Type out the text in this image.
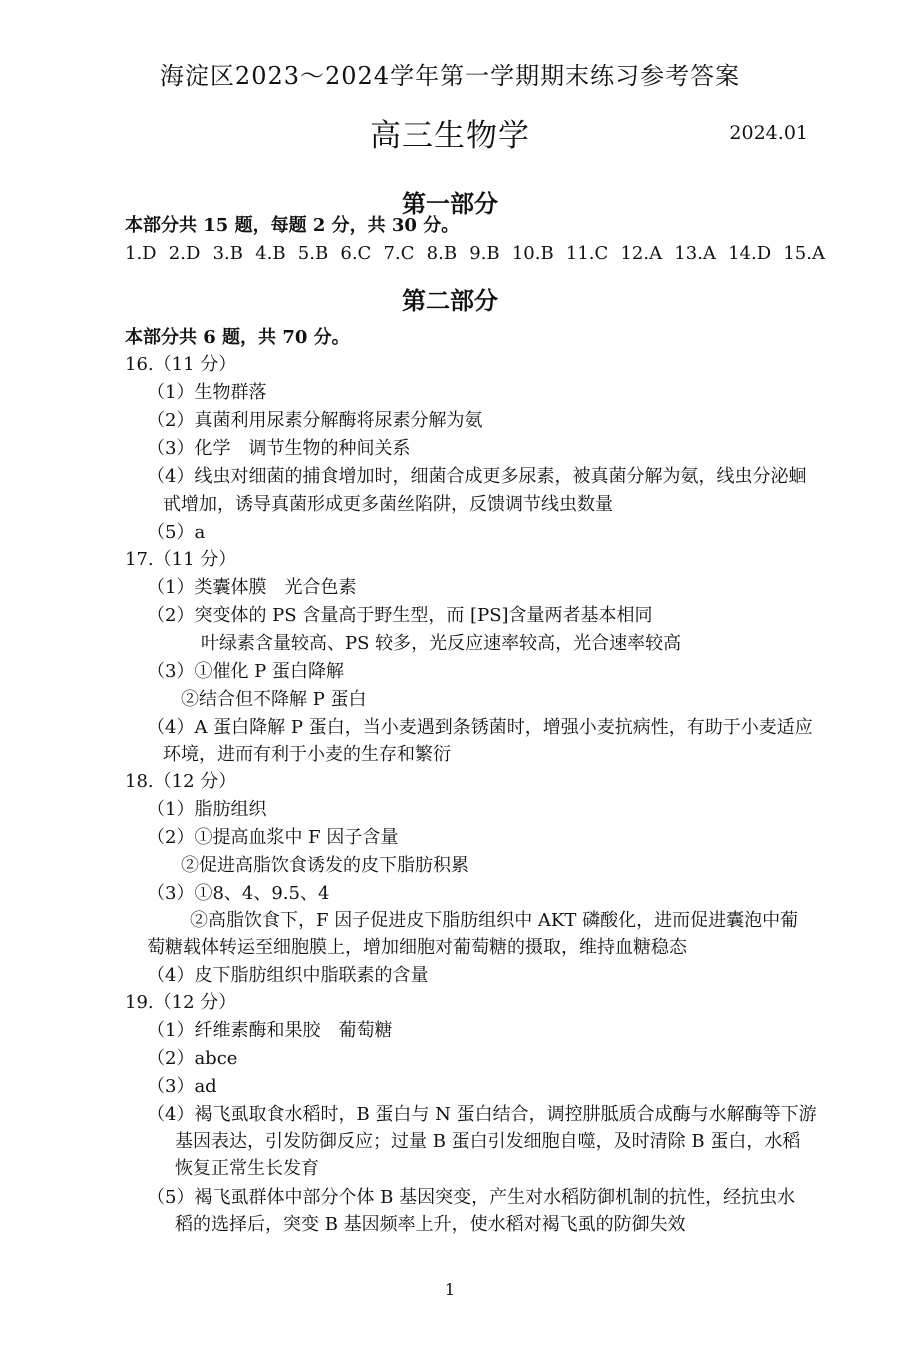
海淀区2023～2024学年第一学期期末练习参考答案
高三生物学	2024.01
第一部分
本部分共 15 题，每题 2 分，共 30 分。
1.D 2.D 3.B 4.B 5.B 6.C 7.C 8.B 9.B 10.B 11.C 12.A 13.A 14.D 15.A
第二部分
本部分共 6 题，共 70 分。
16.（11 分）
（1）生物群落
（2）真菌利用尿素分解酶将尿素分解为氨
（3）化学　调节生物的种间关系
（4）线虫对细菌的捕食增加时，细菌合成更多尿素，被真菌分解为氨，线虫分泌蛔
甙增加，诱导真菌形成更多菌丝陷阱，反馈调节线虫数量
（5）a
17.（11 分）
（1）类囊体膜　光合色素
（2）突变体的 PS 含量高于野生型，而 [PS]含量两者基本相同
叶绿素含量较高、PS 较多，光反应速率较高，光合速率较高
（3）①催化 P 蛋白降解
②结合但不降解 P 蛋白
（4）A 蛋白降解 P 蛋白，当小麦遇到条锈菌时，增强小麦抗病性，有助于小麦适应
环境，进而有利于小麦的生存和繁衍
18.（12 分）
（1）脂肪组织
（2）①提高血浆中 F 因子含量
②促进高脂饮食诱发的皮下脂肪积累
（3）①8、4、9.5、4
②高脂饮食下，F 因子促进皮下脂肪组织中 AKT 磷酸化，进而促进囊泡中葡
萄糖载体转运至细胞膜上，增加细胞对葡萄糖的摄取，维持血糖稳态
（4）皮下脂肪组织中脂联素的含量
19.（12 分）
（1）纤维素酶和果胶　葡萄糖
（2）abce
（3）ad
（4）褐飞虱取食水稻时，B 蛋白与 N 蛋白结合，调控肼胝质合成酶与水解酶等下游
基因表达，引发防御反应；过量 B 蛋白引发细胞自噬，及时清除 B 蛋白，水稻
恢复正常生长发育
（5）褐飞虱群体中部分个体 B 基因突变，产生对水稻防御机制的抗性，经抗虫水
稻的选择后，突变 B 基因频率上升，使水稻对褐飞虱的防御失效
1
